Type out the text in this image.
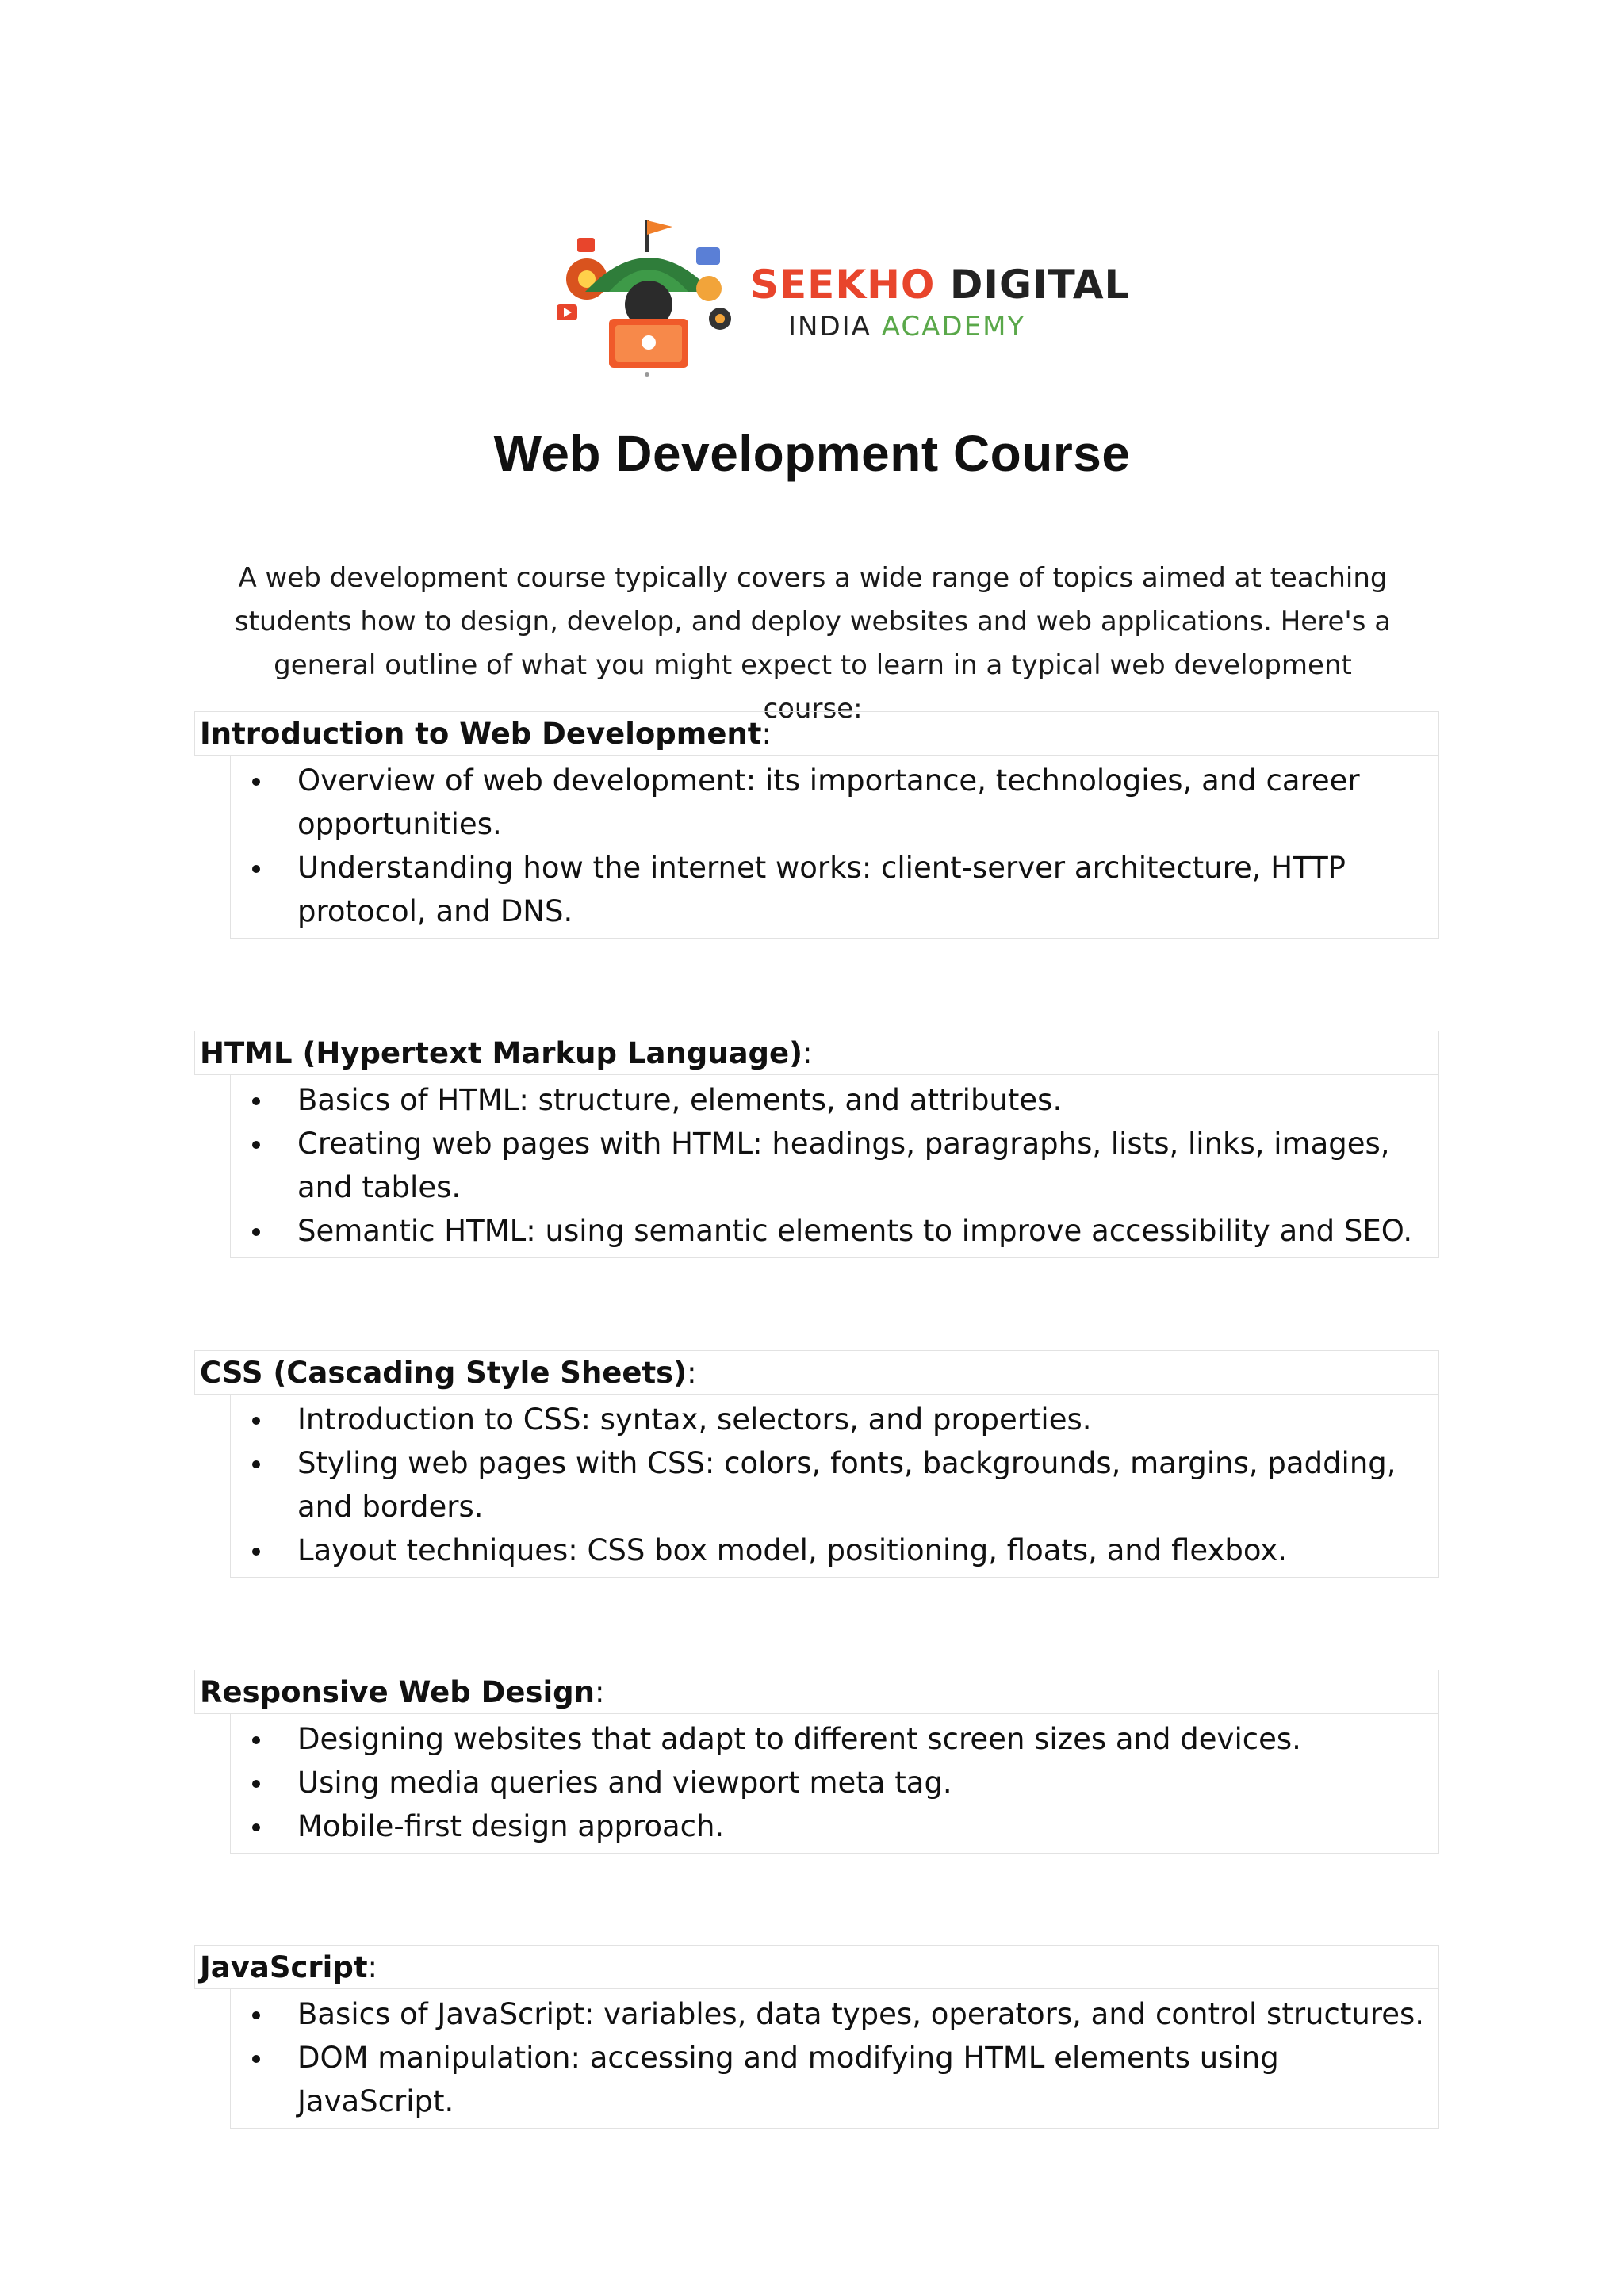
SEEKHO DIGITAL
INDIA ACADEMY
Web Development Course
A web development course typically covers a wide range of topics aimed at teaching students how to design, develop, and deploy websites and web applications. Here's a general outline of what you might expect to learn in a typical web development course:
Introduction to Web Development:
Overview of web development: its importance, technologies, and career opportunities.
Understanding how the internet works: client-server architecture, HTTP protocol, and DNS.
HTML (Hypertext Markup Language):
Basics of HTML: structure, elements, and attributes.
Creating web pages with HTML: headings, paragraphs, lists, links, images, and tables.
Semantic HTML: using semantic elements to improve accessibility and SEO.
CSS (Cascading Style Sheets):
Introduction to CSS: syntax, selectors, and properties.
Styling web pages with CSS: colors, fonts, backgrounds, margins, padding, and borders.
Layout techniques: CSS box model, positioning, floats, and flexbox.
Responsive Web Design:
Designing websites that adapt to different screen sizes and devices.
Using media queries and viewport meta tag.
Mobile-first design approach.
JavaScript:
Basics of JavaScript: variables, data types, operators, and control structures.
DOM manipulation: accessing and modifying HTML elements using JavaScript.
